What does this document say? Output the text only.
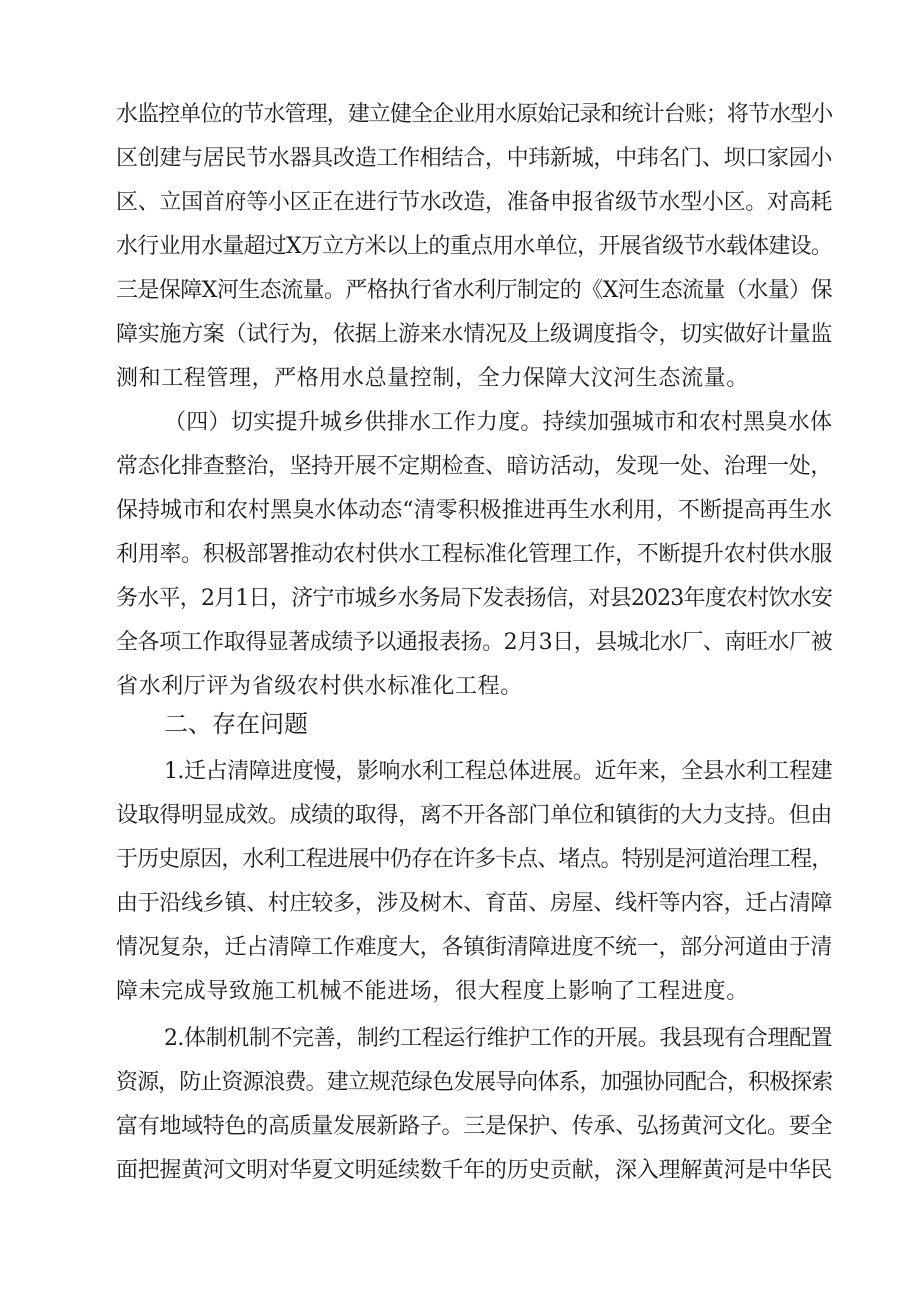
水监控单位的节水管理，建立健全企业用水原始记录和统计台账；将节水型小
区创建与居民节水器具改造工作相结合，中玮新城，中玮名门、坝口家园小
区、立国首府等小区正在进行节水改造，准备申报省级节水型小区。对高耗
水行业用水量超过X万立方米以上的重点用水单位，开展省级节水载体建设。
三是保障X河生态流量。严格执行省水利厅制定的《X河生态流量（水量）保
障实施方案（试行为，依据上游来水情况及上级调度指令，切实做好计量监
测和工程管理，严格用水总量控制，全力保障大汶河生态流量。
（四）切实提升城乡供排水工作力度。持续加强城市和农村黑臭水体
常态化排查整治，坚持开展不定期检查、暗访活动，发现一处、治理一处，
保持城市和农村黑臭水体动态“清零积极推进再生水利用，不断提高再生水
利用率。积极部署推动农村供水工程标准化管理工作，不断提升农村供水服
务水平，2月1日，济宁市城乡水务局下发表扬信，对县2023年度农村饮水安
全各项工作取得显著成绩予以通报表扬。2月3日，县城北水厂、南旺水厂被
省水利厅评为省级农村供水标准化工程。
二、存在问题
1.迁占清障进度慢，影响水利工程总体进展。近年来，全县水利工程建
设取得明显成效。成绩的取得，离不开各部门单位和镇街的大力支持。但由
于历史原因，水利工程进展中仍存在许多卡点、堵点。特别是河道治理工程，
由于沿线乡镇、村庄较多，涉及树木、育苗、房屋、线杆等内容，迁占清障
情况复杂，迁占清障工作难度大，各镇街清障进度不统一，部分河道由于清
障未完成导致施工机械不能进场，很大程度上影响了工程进度。
2.体制机制不完善，制约工程运行维护工作的开展。我县现有合理配置
资源，防止资源浪费。建立规范绿色发展导向体系，加强协同配合，积极探索
富有地域特色的高质量发展新路子。三是保护、传承、弘扬黄河文化。要全
面把握黄河文明对华夏文明延续数千年的历史贡献，深入理解黄河是中华民
